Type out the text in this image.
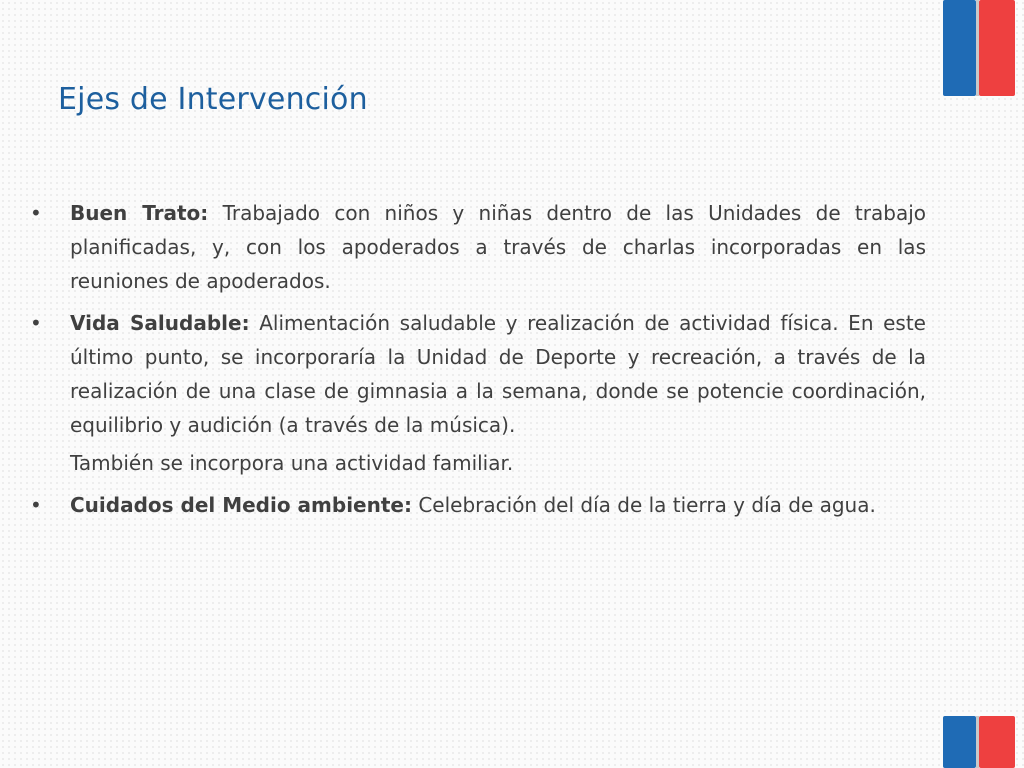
Ejes de Intervención
• Buen Trato: Trabajado con niños y niñas dentro de las Unidades de trabajo planificadas, y, con los apoderados a través de charlas incorporadas en las reuniones de apoderados.
• Vida Saludable: Alimentación saludable y realización de actividad física. En este último punto, se incorporaría la Unidad de Deporte y recreación, a través de la realización de una clase de gimnasia a la semana, donde se potencie coordinación, equilibrio y audición (a través de la música).
También se incorpora una actividad familiar.
• Cuidados del Medio ambiente: Celebración del día de la tierra y día de agua.
